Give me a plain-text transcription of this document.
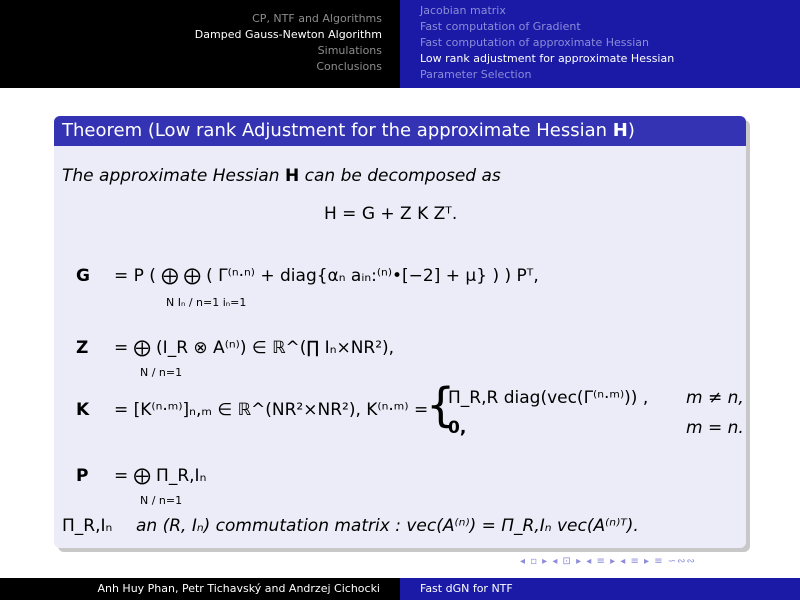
CP, NTF and Algorithms
Damped Gauss-Newton Algorithm
Simulations
Conclusions
Jacobian matrix
Fast computation of Gradient
Fast computation of approximate Hessian
Low rank adjustment for approximate Hessian
Parameter Selection
Theorem (Low rank Adjustment for the approximate Hessian H)
The approximate Hessian H can be decomposed as
H = G + Z K Zᵀ.
G = P ( ⨁ ⨁ ( Γ⁽ⁿ·ⁿ⁾ + diag{αₙ aᵢₙ:⁽ⁿ⁾•[−2] + μ} ) ) Pᵀ,
N Iₙ / n=1 iₙ=1
Z = ⨁ (I_R ⊗ A⁽ⁿ⁾) ∈ ℝ^(∏ Iₙ×NR²),
N / n=1
K = [K⁽ⁿ·ᵐ⁾]ₙ,ₘ ∈ ℝ^(NR²×NR²), K⁽ⁿ·ᵐ⁾ =
{
Π_R,R diag(vec(Γ⁽ⁿ·ᵐ⁾)) , m ≠ n,
0,	m = n.
P = ⨁ Π_R,Iₙ
N / n=1
Π_R,Iₙ an (R, Iₙ) commutation matrix : vec(A⁽ⁿ⁾) = Π_R,Iₙ vec(A⁽ⁿ⁾ᵀ).
◂ ▫ ▸ ◂ ⊡ ▸ ◂ ≡ ▸ ◂ ≡ ▸ ≡ ∽∾∾
Anh Huy Phan, Petr Tichavský and Andrzej Cichocki	Fast dGN for NTF
